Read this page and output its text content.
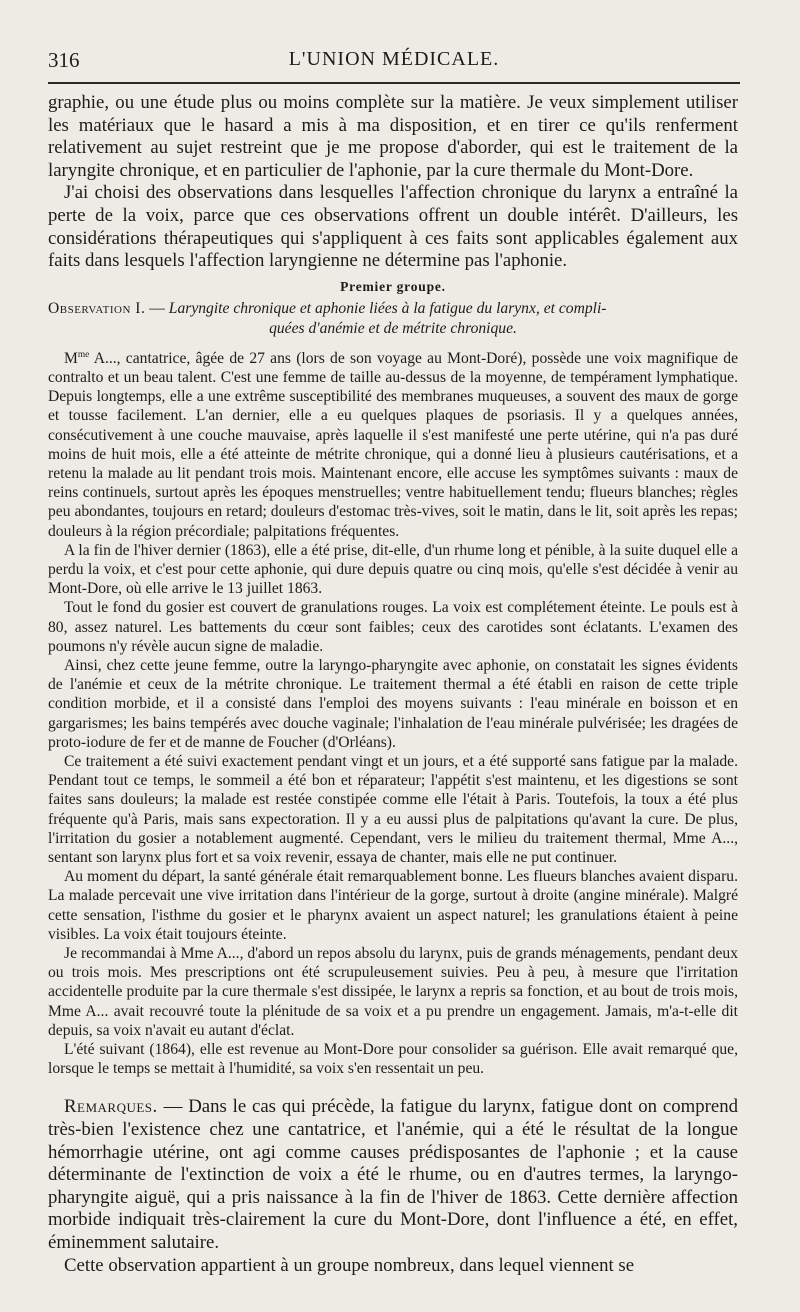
316	L'UNION MÉDICALE.

graphie, ou une étude plus ou moins complète sur la matière. Je veux simplement utiliser les matériaux que le hasard a mis à ma disposition, et en tirer ce qu'ils renferment relativement au sujet restreint que je me propose d'aborder, qui est le traitement de la laryngite chronique, et en particulier de l'aphonie, par la cure thermale du Mont-Dore.

J'ai choisi des observations dans lesquelles l'affection chronique du larynx a entraîné la perte de la voix, parce que ces observations offrent un double intérêt. D'ailleurs, les considérations thérapeutiques qui s'appliquent à ces faits sont applicables également aux faits dans lesquels l'affection laryngienne ne détermine pas l'aphonie.

Premier groupe.
Observation I. — Laryngite chronique et aphonie liées à la fatigue du larynx, et compli-
quées d'anémie et de métrite chronique.

$M^{me}$ A..., cantatrice, âgée de 27 ans (lors de son voyage au Mont-Doré), possède une voix magnifique de contralto et un beau talent. C'est une femme de taille au-dessus de la moyenne, de tempérament lymphatique. Depuis longtemps, elle a une extrême susceptibilité des membranes muqueuses, a souvent des maux de gorge et tousse facilement. L'an dernier, elle a eu quelques plaques de psoriasis. Il y a quelques années, consécutivement à une couche mauvaise, après laquelle il s'est manifesté une perte utérine, qui n'a pas duré moins de huit mois, elle a été atteinte de métrite chronique, qui a donné lieu à plusieurs cautérisations, et a retenu la malade au lit pendant trois mois. Maintenant encore, elle accuse les symptômes suivants : maux de reins continuels, surtout après les époques menstruelles; ventre habituellement tendu; flueurs blanches; règles peu abondantes, toujours en retard; douleurs d'estomac très-vives, soit le matin, dans le lit, soit après les repas; douleurs à la région précordiale; palpitations fréquentes.

A la fin de l'hiver dernier (1863), elle a été prise, dit-elle, d'un rhume long et pénible, à la suite duquel elle a perdu la voix, et c'est pour cette aphonie, qui dure depuis quatre ou cinq mois, qu'elle s'est décidée à venir au Mont-Dore, où elle arrive le 13 juillet 1863.

Tout le fond du gosier est couvert de granulations rouges. La voix est complétement éteinte. Le pouls est à 80, assez naturel. Les battements du cœur sont faibles; ceux des carotides sont éclatants. L'examen des poumons n'y révèle aucun signe de maladie.

Ainsi, chez cette jeune femme, outre la laryngo-pharyngite avec aphonie, on constatait les signes évidents de l'anémie et ceux de la métrite chronique. Le traitement thermal a été établi en raison de cette triple condition morbide, et il a consisté dans l'emploi des moyens suivants : l'eau minérale en boisson et en gargarismes; les bains tempérés avec douche vaginale; l'inhalation de l'eau minérale pulvérisée; les dragées de proto-iodure de fer et de manne de Foucher (d'Orléans).

Ce traitement a été suivi exactement pendant vingt et un jours, et a été supporté sans fatigue par la malade. Pendant tout ce temps, le sommeil a été bon et réparateur; l'appétit s'est maintenu, et les digestions se sont faites sans douleurs; la malade est restée constipée comme elle l'était à Paris. Toutefois, la toux a été plus fréquente qu'à Paris, mais sans expectoration. Il y a eu aussi plus de palpitations qu'avant la cure. De plus, l'irritation du gosier a notablement augmenté. Cependant, vers le milieu du traitement thermal, Mme A..., sentant son larynx plus fort et sa voix revenir, essaya de chanter, mais elle ne put continuer.

Au moment du départ, la santé générale était remarquablement bonne. Les flueurs blanches avaient disparu. La malade percevait une vive irritation dans l'intérieur de la gorge, surtout à droite (angine minérale). Malgré cette sensation, l'isthme du gosier et le pharynx avaient un aspect naturel; les granulations étaient à peine visibles. La voix était toujours éteinte.

Je recommandai à Mme A..., d'abord un repos absolu du larynx, puis de grands ménagements, pendant deux ou trois mois. Mes prescriptions ont été scrupuleusement suivies. Peu à peu, à mesure que l'irritation accidentelle produite par la cure thermale s'est dissipée, le larynx a repris sa fonction, et au bout de trois mois, Mme A... avait recouvré toute la plénitude de sa voix et a pu prendre un engagement. Jamais, m'a-t-elle dit depuis, sa voix n'avait eu autant d'éclat.

L'été suivant (1864), elle est revenue au Mont-Dore pour consolider sa guérison. Elle avait remarqué que, lorsque le temps se mettait à l'humidité, sa voix s'en ressentait un peu.

Remarques. — Dans le cas qui précède, la fatigue du larynx, fatigue dont on comprend très-bien l'existence chez une cantatrice, et l'anémie, qui a été le résultat de la longue hémorrhagie utérine, ont agi comme causes prédisposantes de l'aphonie ; et la cause déterminante de l'extinction de voix a été le rhume, ou en d'autres termes, la laryngo-pharyngite aiguë, qui a pris naissance à la fin de l'hiver de 1863. Cette dernière affection morbide indiquait très-clairement la cure du Mont-Dore, dont l'influence a été, en effet, éminemment salutaire.

Cette observation appartient à un groupe nombreux, dans lequel viennent se
